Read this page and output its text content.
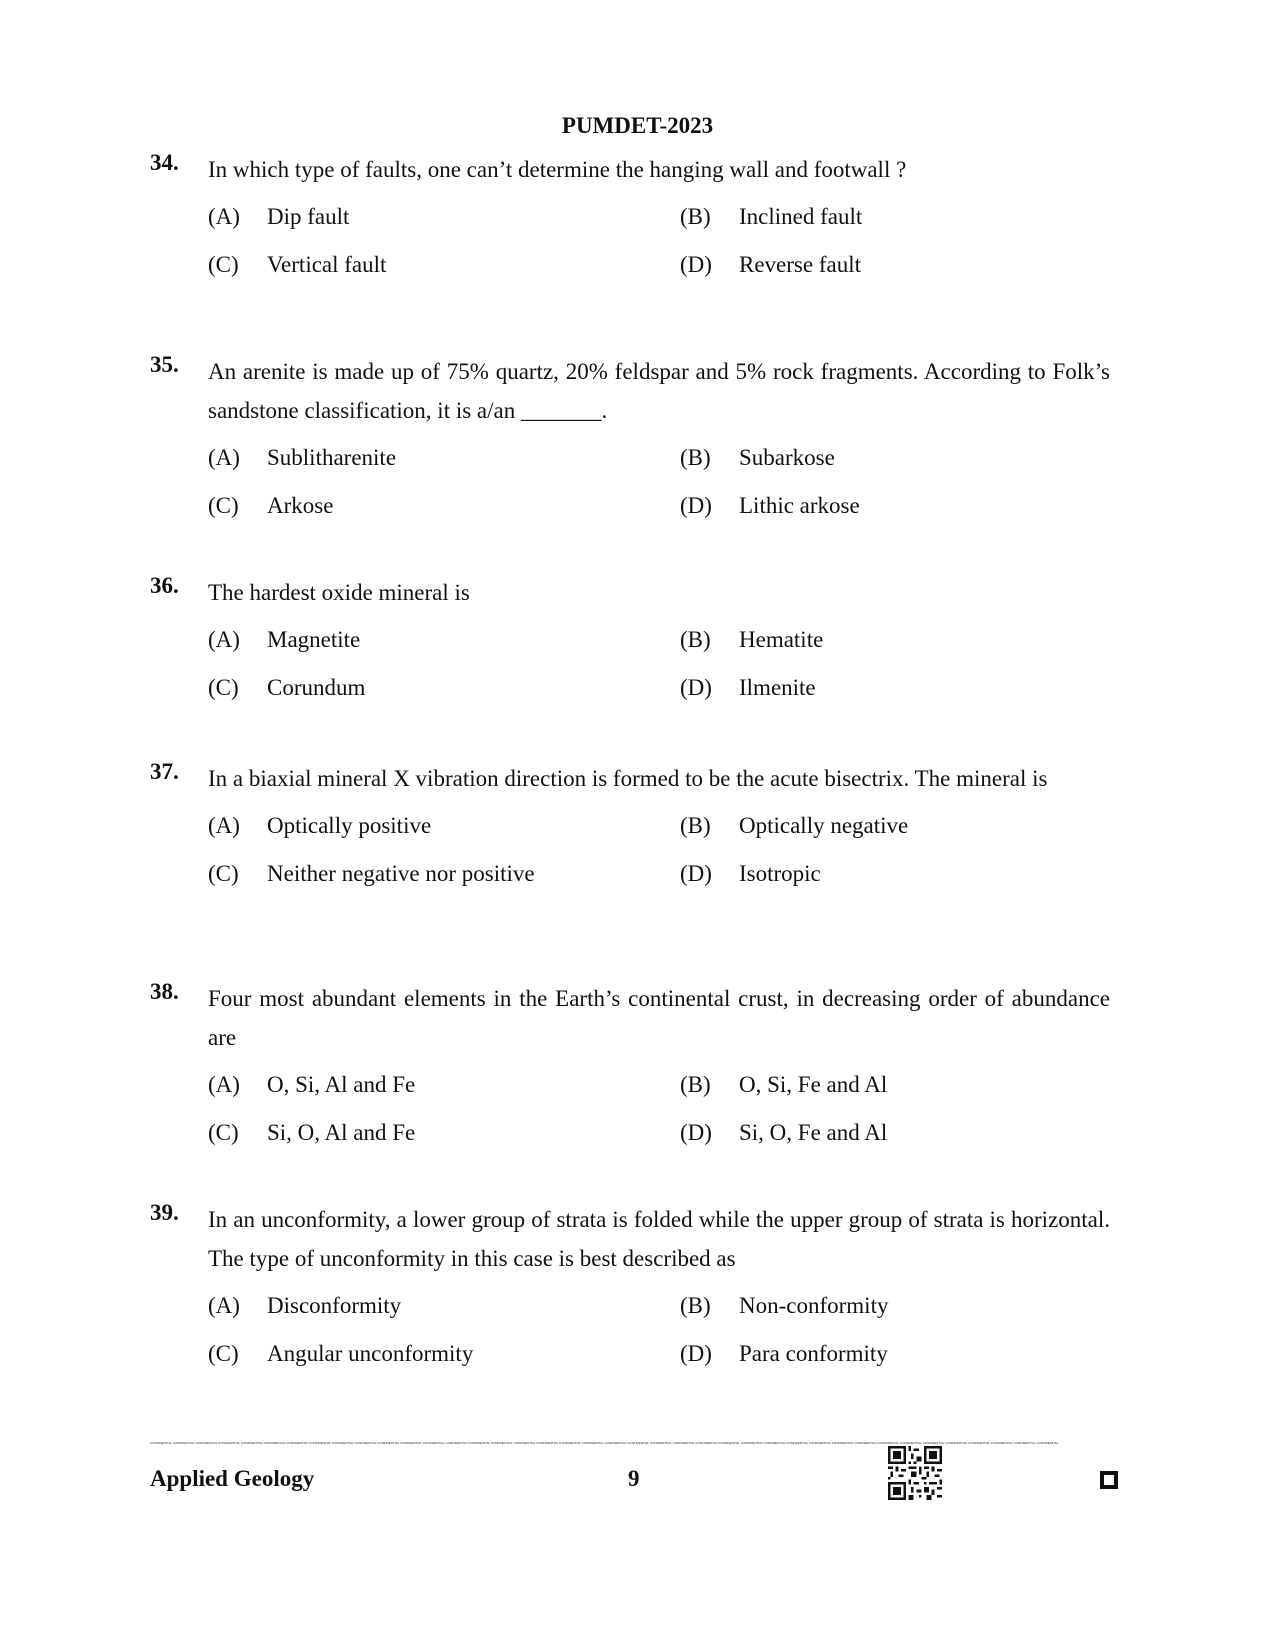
PUMDET-2023
34. In which type of faults, one can’t determine the hanging wall and footwall ?
(A) Dip fault	(B) Inclined fault
(C) Vertical fault	(D) Reverse fault
35. An arenite is made up of 75% quartz, 20% feldspar and 5% rock fragments. According to Folk’s sandstone classification, it is a/an _______.
(A) Sublitharenite	(B) Subarkose
(C) Arkose	(D) Lithic arkose
36. The hardest oxide mineral is
(A) Magnetite	(B) Hematite
(C) Corundum	(D) Ilmenite
37. In a biaxial mineral X vibration direction is formed to be the acute bisectrix. The mineral is
(A) Optically positive	(B) Optically negative
(C) Neither negative nor positive	(D) Isotropic
38. Four most abundant elements in the Earth’s continental crust, in decreasing order of abundance are
(A) O, Si, Al and Fe	(B) O, Si, Fe and Al
(C) Si, O, Al and Fe	(D) Si, O, Fe and Al
39. In an unconformity, a lower group of strata is folded while the upper group of strata is horizontal. The type of unconformity in this case is best described as
(A) Disconformity	(B) Non-conformity
(C) Angular unconformity	(D) Para conformity
CONFIDENTIAL CONFIDENTIAL CONFIDENTIAL CONFIDENTIAL CONFIDENTIAL CONFIDENTIAL CONFIDENTIAL CONFIDENTIAL CONFIDENTIAL CONFIDENTIAL CONFIDENTIAL CONFIDENTIAL CONFIDENTIAL CONFIDENTIAL CONFIDENTIAL CONFIDENTIAL CONFIDENTIAL CONFIDENTIAL CONFIDENTIAL CONFIDENTIAL CONFIDENTIAL CONFIDENTIAL CONFIDENTIAL CONFIDENTIAL CONFIDENTIAL CONFIDENTIAL CONFIDENTIAL CONFIDENTIAL CONFIDENTIAL CONFIDENTIAL CONFIDENTIAL CONFIDENTIAL CONFIDENTIAL CONFIDENTIAL CONFIDENTIAL CONFIDENTIAL CONFIDENTIAL CONFIDENTIAL CONFIDENTIAL CONFIDENTIAL
Applied Geology	9
